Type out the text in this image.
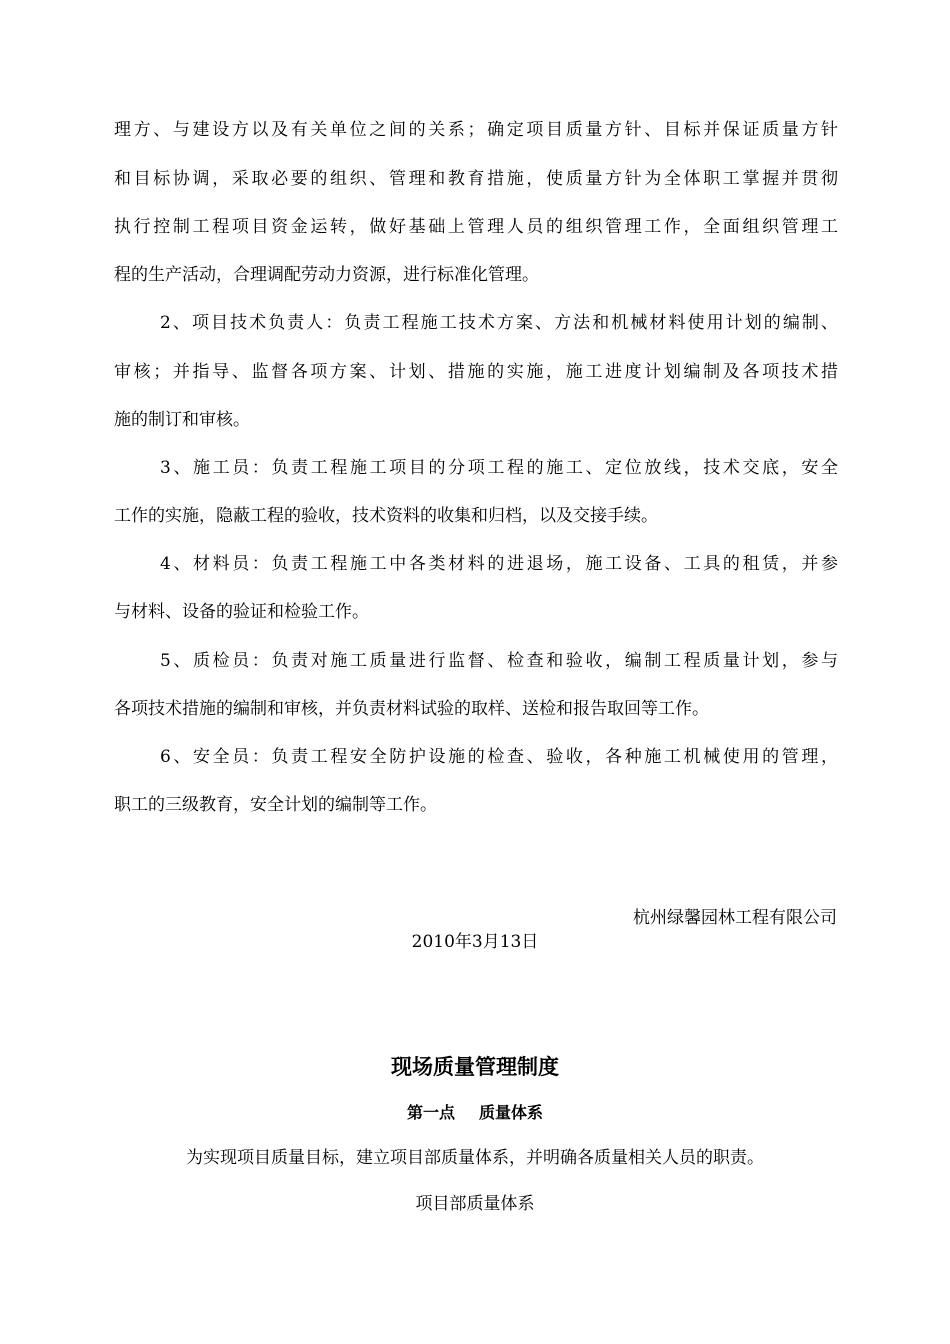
理方、与建设方以及有关单位之间的关系；确定项目质量方针、目标并保证质量方针
和目标协调，采取必要的组织、管理和教育措施，使质量方针为全体职工掌握并贯彻
执行控制工程项目资金运转，做好基础上管理人员的组织管理工作，全面组织管理工
程的生产活动，合理调配劳动力资源，进行标准化管理。
2、项目技术负责人：负责工程施工技术方案、方法和机械材料使用计划的编制、
审核；并指导、监督各项方案、计划、措施的实施，施工进度计划编制及各项技术措
施的制订和审核。
3、施工员：负责工程施工项目的分项工程的施工、定位放线，技术交底，安全
工作的实施，隐蔽工程的验收，技术资料的收集和归档，以及交接手续。
4、材料员：负责工程施工中各类材料的进退场，施工设备、工具的租赁，并参
与材料、设备的验证和检验工作。
5、质检员：负责对施工质量进行监督、检查和验收，编制工程质量计划，参与
各项技术措施的编制和审核，并负责材料试验的取样、送检和报告取回等工作。
6、安全员：负责工程安全防护设施的检查、验收，各种施工机械使用的管理，
职工的三级教育，安全计划的编制等工作。
杭州绿馨园林工程有限公司
2010年3月13日
现场质量管理制度
第一点 质量体系
为实现项目质量目标，建立项目部质量体系，并明确各质量相关人员的职责。
项目部质量体系
